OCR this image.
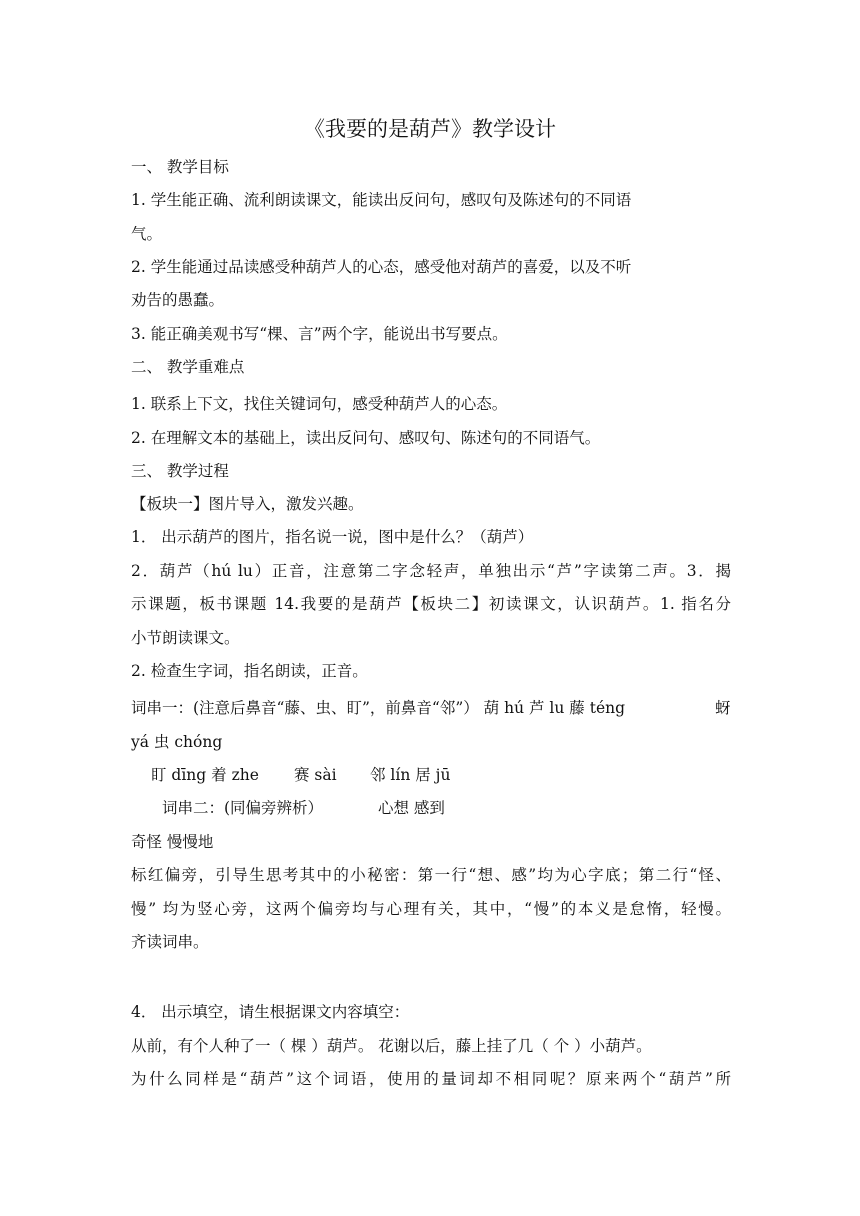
《我要的是葫芦》教学设计
一、 教学目标
1. 学生能正确、流利朗读课文，能读出反问句，感叹句及陈述句的不同语
气。
2. 学生能通过品读感受种葫芦人的心态，感受他对葫芦的喜爱，以及不听
劝告的愚蠢。
3. 能正确美观书写“棵、言”两个字，能说出书写要点。
二、 教学重难点
1. 联系上下文，找住关键词句，感受种葫芦人的心态。
2. 在理解文本的基础上，读出反问句、感叹句、陈述句的不同语气。
三、 教学过程
【板块一】图片导入，激发兴趣。
1． 出示葫芦的图片，指名说一说，图中是什么？（葫芦）
2．葫芦（hú lu）正音，注意第二字念轻声，单独出示“芦”字读第二声。3．揭
示课题，板书课题 14.我要的是葫芦【板块二】初读课文，认识葫芦。1. 指名分
小节朗读课文。
2. 检查生字词，指名朗读，正音。
词串一：(注意后鼻音“藤、虫、盯”，前鼻音“邻”） 葫 hú 芦 lu 藤 téng	蚜
yá 虫 chóng
盯 dīng 着 zhe 赛 sài 邻 lín 居 jū
词串二：(同偏旁辨析）	心想 感到
奇怪 慢慢地
标红偏旁，引导生思考其中的小秘密：第一行“想、感”均为心字底；第二行“怪、
慢” 均为竖心旁，这两个偏旁均与心理有关，其中，“慢”的本义是怠惰，轻慢。
齐读词串。
4． 出示填空，请生根据课文内容填空：
从前，有个人种了一（ 棵 ）葫芦。 花谢以后，藤上挂了几（ 个 ）小葫芦。
为什么同样是“葫芦”这个词语，使用的量词却不相同呢？原来两个“葫芦”所
